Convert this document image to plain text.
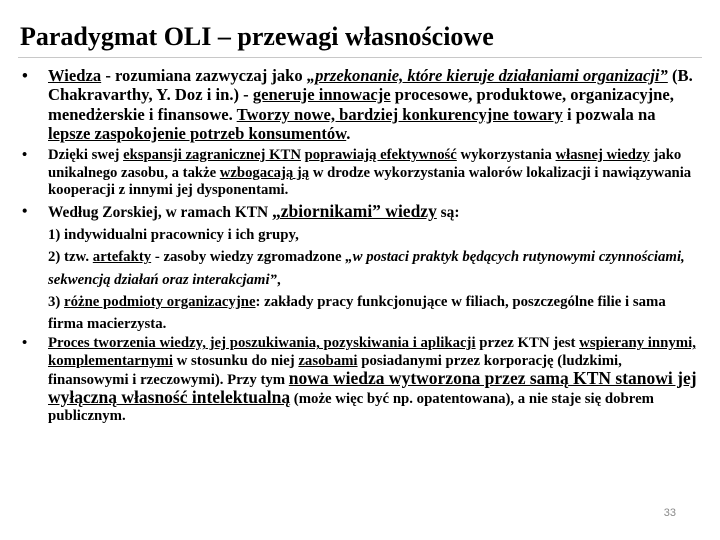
Paradygmat OLI – przewagi własnościowe
• Wiedza - rozumiana zazwyczaj jako „przekonanie, które kieruje działaniami organizacji” (B. Chakravarthy, Y. Doz i in.) - generuje innowacje procesowe, produktowe, organizacyjne, menedżerskie i finansowe. Tworzy nowe, bardziej konkurencyjne towary i pozwala na lepsze zaspokojenie potrzeb konsumentów.
• Dzięki swej ekspansji zagranicznej KTN poprawiają efektywność wykorzystania własnej wiedzy jako unikalnego zasobu, a także wzbogacają ją w drodze wykorzystania walorów lokalizacji i nawiązywania kooperacji z innymi jej dysponentami.
• Według Zorskiej, w ramach KTN „zbiornikami” wiedzy są:
1) indywidualni pracownicy i ich grupy,
2) tzw. artefakty - zasoby wiedzy zgromadzone „w postaci praktyk będących rutynowymi czynnościami, sekwencją działań oraz interakcjami”,
3) różne podmioty organizacyjne: zakłady pracy funkcjonujące w filiach, poszczególne filie i sama firma macierzysta.
• Proces tworzenia wiedzy, jej poszukiwania, pozyskiwania i aplikacji przez KTN jest wspierany innymi, komplementarnymi w stosunku do niej zasobami posiadanymi przez korporację (ludzkimi, finansowymi i rzeczowymi). Przy tym nowa wiedza wytworzona przez samą KTN stanowi jej wyłączną własność intelektualną (może więc być np. opatentowana), a nie staje się dobrem publicznym.
33
